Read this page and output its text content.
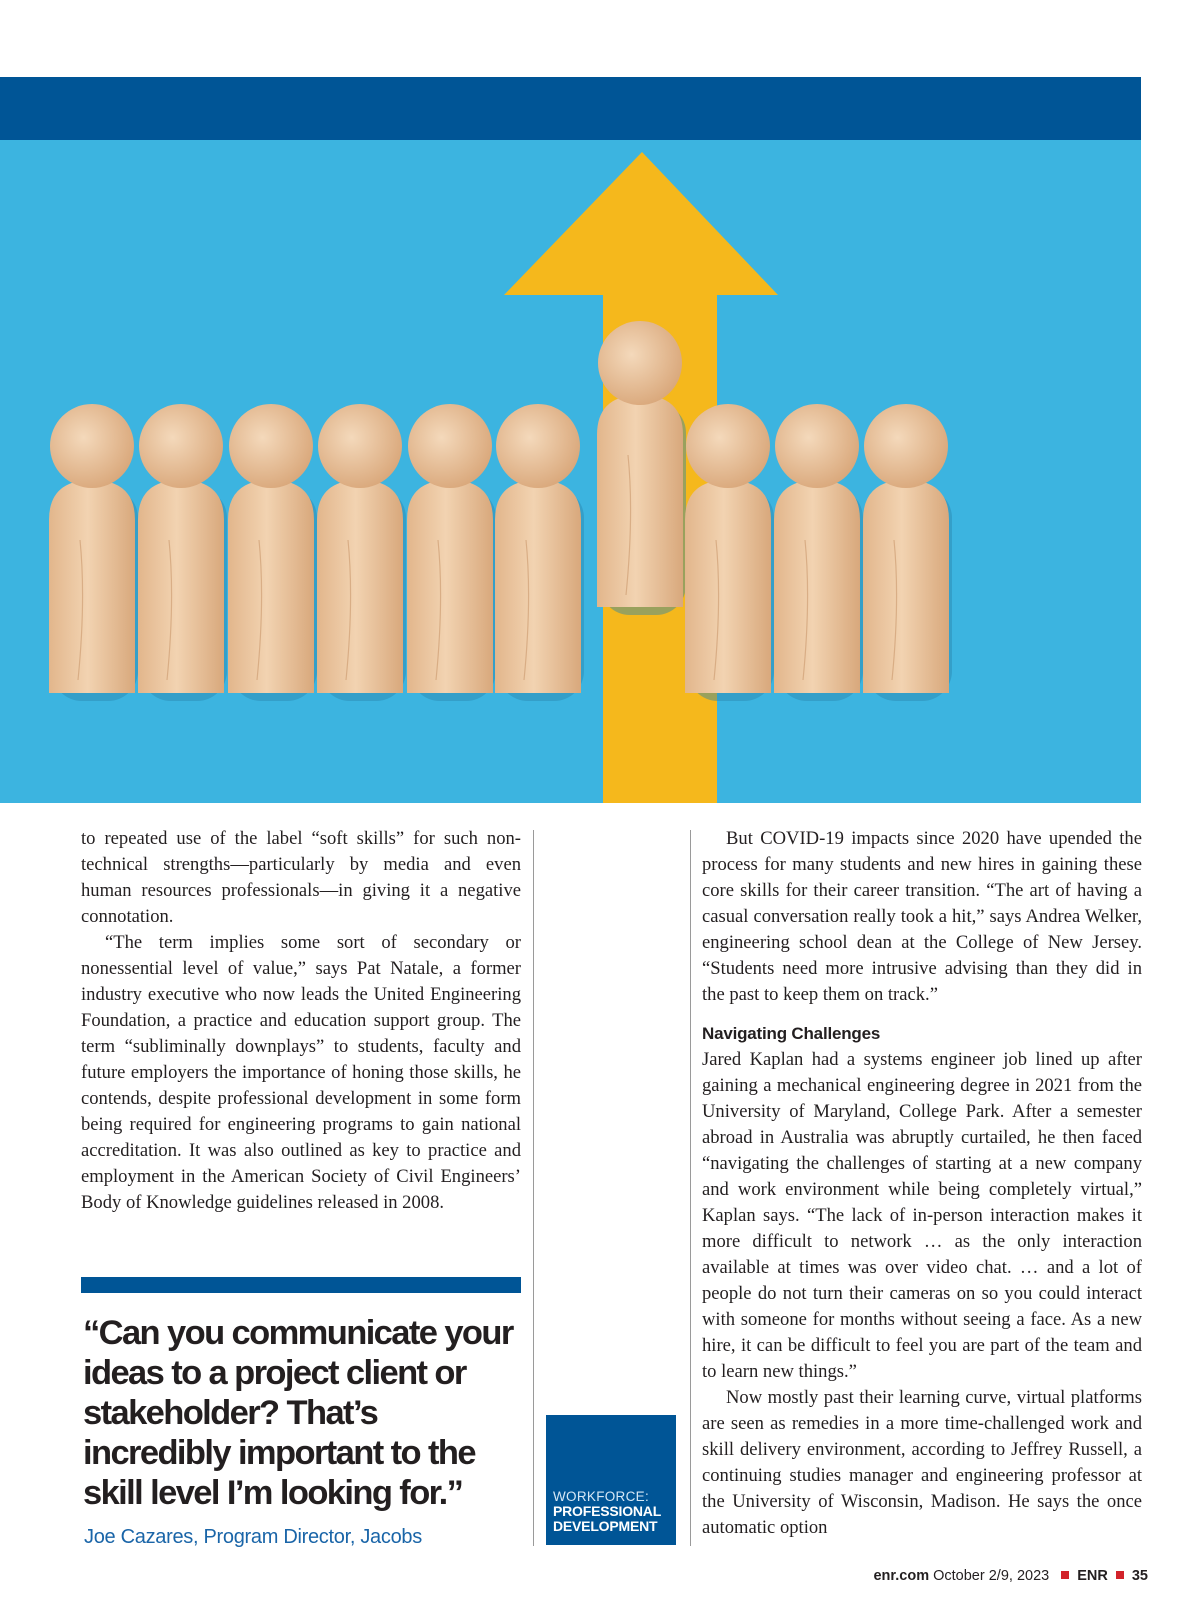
to repeated use of the label “soft skills” for such non-technical strengths—particularly by media and even human resources professionals—in giving it a negative connotation.

“The term implies some sort of secondary or nonessential level of value,” says Pat Natale, a former industry executive who now leads the United Engineering Foundation, a practice and education support group. The term “subliminally downplays” to students, faculty and future employers the importance of honing those skills, he contends, despite professional development in some form being required for engineering programs to gain national accreditation. It was also outlined as key to practice and employment in the American Society of Civil Engineers’ Body of Knowledge guidelines released in 2008.

“Can you communicate your ideas to a project client or stakeholder? That’s incredibly important to the skill level I’m looking for.”
Joe Cazares, Program Director, Jacobs
WORKFORCE:
PROFESSIONAL
DEVELOPMENT

But COVID-19 impacts since 2020 have upended the process for many students and new hires in gaining these core skills for their career transition. “The art of having a casual conversation really took a hit,” says Andrea Welker, engineering school dean at the College of New Jersey. “Students need more intrusive advising than they did in the past to keep them on track.”

Navigating Challenges

Jared Kaplan had a systems engineer job lined up after gaining a mechanical engineering degree in 2021 from the University of Maryland, College Park. After a semester abroad in Australia was abruptly curtailed, he then faced “navigating the challenges of starting at a new company and work environment while being completely virtual,” Kaplan says. “The lack of in-person interaction makes it more difficult to network … as the only interaction available at times was over video chat. … and a lot of people do not turn their cameras on so you could interact with someone for months without seeing a face. As a new hire, it can be difficult to feel you are part of the team and to learn new things.”

Now mostly past their learning curve, virtual platforms are seen as remedies in a more time-challenged work and skill delivery environment, according to Jeffrey Russell, a continuing studies manager and engineering professor at the University of Wisconsin, Madison. He says the once automatic option

enr.com October 2/9, 2023 ENR 35
